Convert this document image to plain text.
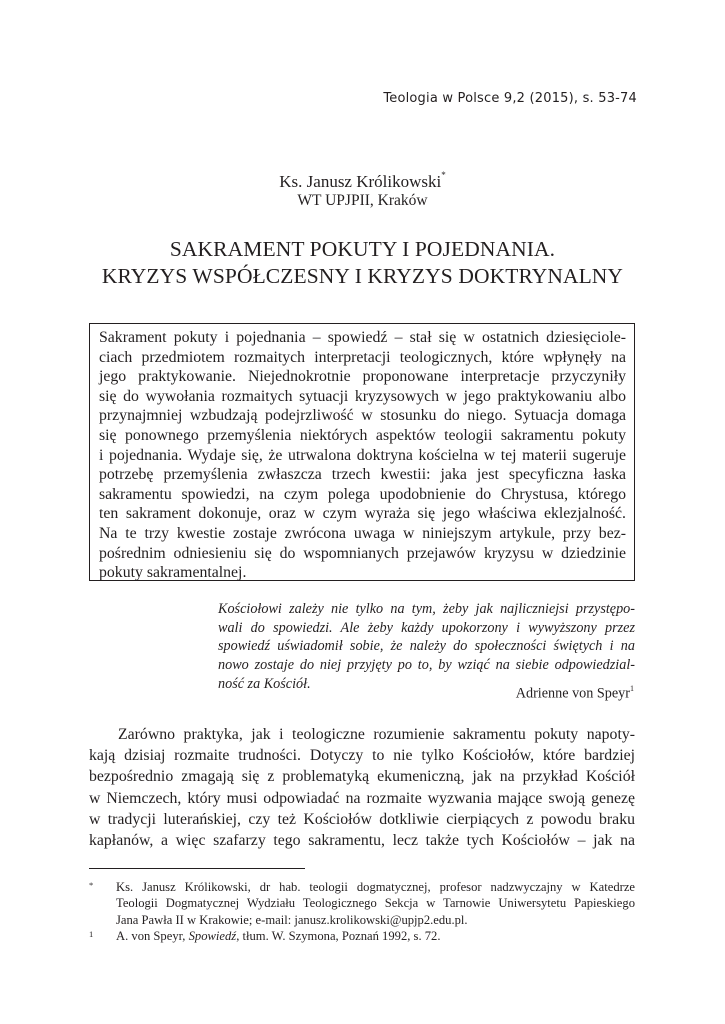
Teologia w Polsce 9,2 (2015), s. 53-74
Ks. Janusz Królikowski*
WT UPJPII, Kraków
SAKRAMENT POKUTY I POJEDNANIA.
KRYZYS WSPÓŁCZESNY I KRYZYS DOKTRYNALNY
Sakrament pokuty i pojednania – spowiedź – stał się w ostatnich dziesięciole-
ciach przedmiotem rozmaitych interpretacji teologicznych, które wpłynęły na
jego praktykowanie. Niejednokrotnie proponowane interpretacje przyczyniły
się do wywołania rozmaitych sytuacji kryzysowych w jego praktykowaniu albo
przynajmniej wzbudzają podejrzliwość w stosunku do niego. Sytuacja domaga
się ponownego przemyślenia niektórych aspektów teologii sakramentu pokuty
i pojednania. Wydaje się, że utrwalona doktryna kościelna w tej materii sugeruje
potrzebę przemyślenia zwłaszcza trzech kwestii: jaka jest specyficzna łaska
sakramentu spowiedzi, na czym polega upodobnienie do Chrystusa, którego
ten sakrament dokonuje, oraz w czym wyraża się jego właściwa eklezjalność.
Na te trzy kwestie zostaje zwrócona uwaga w niniejszym artykule, przy bez-
pośrednim odniesieniu się do wspomnianych przejawów kryzysu w dziedzinie
pokuty sakramentalnej.
Kościołowi zależy nie tylko na tym, żeby jak najliczniejsi przystępo-
wali do spowiedzi. Ale żeby każdy upokorzony i wywyższony przez
spowiedź uświadomił sobie, że należy do społeczności świętych i na
nowo zostaje do niej przyjęty po to, by wziąć na siebie odpowiedzial-
ność za Kościół.
Adrienne von Speyr$^1$
Zarówno praktyka, jak i teologiczne rozumienie sakramentu pokuty napoty-
kają dzisiaj rozmaite trudności. Dotyczy to nie tylko Kościołów, które bardziej
bezpośrednio zmagają się z problematyką ekumeniczną, jak na przykład Kościół
w Niemczech, który musi odpowiadać na rozmaite wyzwania mające swoją genezę
w tradycji luterańskiej, czy też Kościołów dotkliwie cierpiących z powodu braku
kapłanów, a więc szafarzy tego sakramentu, lecz także tych Kościołów – jak na
* Ks. Janusz Królikowski, dr hab. teologii dogmatycznej, profesor nadzwyczajny w Katedrze
Teologii Dogmatycznej Wydziału Teologicznego Sekcja w Tarnowie Uniwersytetu Papieskiego
Jana Pawła II w Krakowie; e-mail: janusz.krolikowski@upjp2.edu.pl.
1 A. von Speyr, Spowiedź, tłum. W. Szymona, Poznań 1992, s. 72.
